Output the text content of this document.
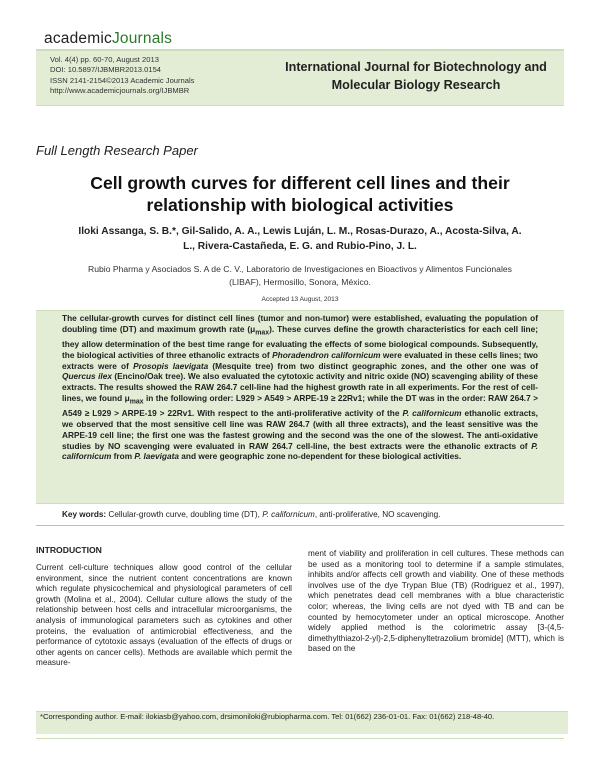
academicJournals
Vol. 4(4) pp. 60-70, August 2013
DOI: 10.5897/IJBMBR2013.0154
ISSN 2141-2154©2013 Academic Journals
http://www.academicjournals.org/IJBMBR
International Journal for Biotechnology and
Molecular Biology Research
Full Length Research Paper
Cell growth curves for different cell lines and their
relationship with biological activities
Iloki Assanga, S. B.*, Gil-Salido, A. A., Lewis Luján, L. M., Rosas-Durazo, A., Acosta-Silva, A.
L., Rivera-Castañeda, E. G. and Rubio-Pino, J. L.
Rubio Pharma y Asociados S. A de C. V., Laboratorio de Investigaciones en Bioactivos y Alimentos Funcionales
(LIBAF), Hermosillo, Sonora, México.
Accepted 13 August, 2013
The cellular-growth curves for distinct cell lines (tumor and non-tumor) were established, evaluating the population of doubling time (DT) and maximum growth rate $(\mu_{max})$. These curves define the growth characteristics for each cell line; they allow determination of the best time range for evaluating the effects of some biological compounds. Subsequently, the biological activities of three ethanolic extracts of Phoradendron californicum were evaluated in these cells lines; two extracts were of Prosopis laevigata (Mesquite tree) from two distinct geographic zones, and the other one was of Quercus ilex (Encino/Oak tree). We also evaluated the cytotoxic activity and nitric oxide (NO) scavenging ability of these extracts. The results showed the RAW 264.7 cell-line had the highest growth rate in all experiments. For the rest of cell-lines, we found $\mu_{max}$ in the following order: L929 > A549 > ARPE-19 ≥ 22Rv1; while the DT was in the order: RAW 264.7 > A549 ≥ L929 > ARPE-19 > 22Rv1. With respect to the anti-proliferative activity of the P. californicum ethanolic extracts, we observed that the most sensitive cell line was RAW 264.7 (with all three extracts), and the least sensitive was the ARPE-19 cell line; the first one was the fastest growing and the second was the one of the slowest. The anti-oxidative studies by NO scavenging were evaluated in RAW 264.7 cell-line, the best extracts were the ethanolic extracts of P. californicum from P. laevigata and were geographic zone no-dependent for these biological activities.
Key words: Cellular-growth curve, doubling time (DT), P. californicum, anti-proliferative, NO scavenging.
INTRODUCTION
Current cell-culture techniques allow good control of the cellular environment, since the nutrient content concentrations are known which regulate physicochemical and physiological parameters of cell growth (Molina et al., 2004). Cellular culture allows the study of the relationship between host cells and intracellular microorganisms, the analysis of immunological parameters such as cytokines and other proteins, the evaluation of antimicrobial effectiveness, and the performance of cytotoxic assays (evaluation of the effects of drugs or other agents on cancer cells). Methods are available which permit the measure-
ment of viability and proliferation in cell cultures. These methods can be used as a monitoring tool to determine if a sample stimulates, inhibits and/or affects cell growth and viability. One of these methods involves use of the dye Trypan Blue (TB) (Rodriguez et al., 1997), which penetrates dead cell membranes with a blue characteristic color; whereas, the living cells are not dyed with TB and can be counted by hemocytometer under an optical microscope. Another widely applied method is the colorimetric assay [3-(4,5-dimethylthiazol-2-yl)-2,5-diphenyltetrazolium bromide] (MTT), which is based on the
*Corresponding author. E-mail: ilokiasb@yahoo.com, drsimoniloki@rubiopharma.com. Tel: 01(662) 236-01-01. Fax: 01(662) 218-48-40.
